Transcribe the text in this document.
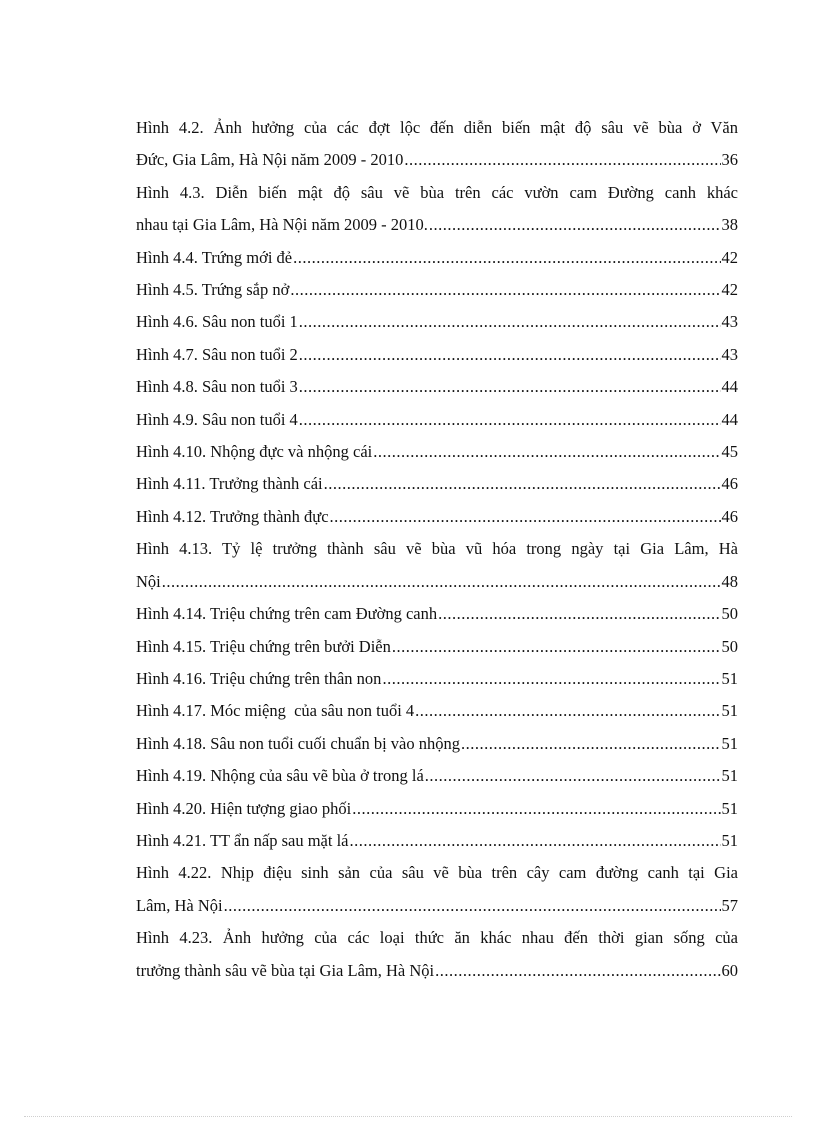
Hình 4.2. Ảnh hưởng của các đợt lộc đến diễn biến mật độ sâu vẽ bùa ở Văn
Đức, Gia Lâm, Hà Nội năm 2009 - 2010 .....	36
Hình 4.3. Diễn biến mật độ sâu vẽ bùa trên các vườn cam Đường canh khác
nhau tại Gia Lâm, Hà Nội năm 2009 - 2010. .....	38
Hình 4.4. Trứng mới đẻ .....	42
Hình 4.5. Trứng sắp nở .....	42
Hình 4.6. Sâu non tuổi 1 .....	43
Hình 4.7. Sâu non tuổi 2 .....	43
Hình 4.8. Sâu non tuổi 3 .....	44
Hình 4.9. Sâu non tuổi 4 .....	44
Hình 4.10. Nhộng đực và nhộng cái .....	45
Hình 4.11. Trưởng thành cái .....	46
Hình 4.12. Trưởng thành đực .....	46
Hình 4.13. Tỷ lệ trưởng thành sâu vẽ bùa vũ hóa trong ngày tại Gia Lâm, Hà
Nội .....	48
Hình 4.14. Triệu chứng trên cam Đường canh .....	50
Hình 4.15. Triệu chứng trên bưởi Diễn .....	50
Hình 4.16. Triệu chứng trên thân non .....	51
Hình 4.17. Móc miệng  của sâu non tuổi 4 .....	51
Hình 4.18. Sâu non tuổi cuối chuẩn bị vào nhộng .....	51
Hình 4.19. Nhộng của sâu vẽ bùa ở trong lá .....	51
Hình 4.20. Hiện tượng giao phối .....	51
Hình 4.21. TT ẩn nấp sau mặt lá .....	51
Hình 4.22. Nhịp điệu sinh sản của sâu vẽ bùa trên cây cam đường canh tại Gia
Lâm, Hà Nội .....	57
Hình 4.23. Ảnh hưởng của các loại thức ăn khác nhau đến thời gian sống của
trưởng thành sâu vẽ bùa tại Gia Lâm, Hà Nội .....	60
